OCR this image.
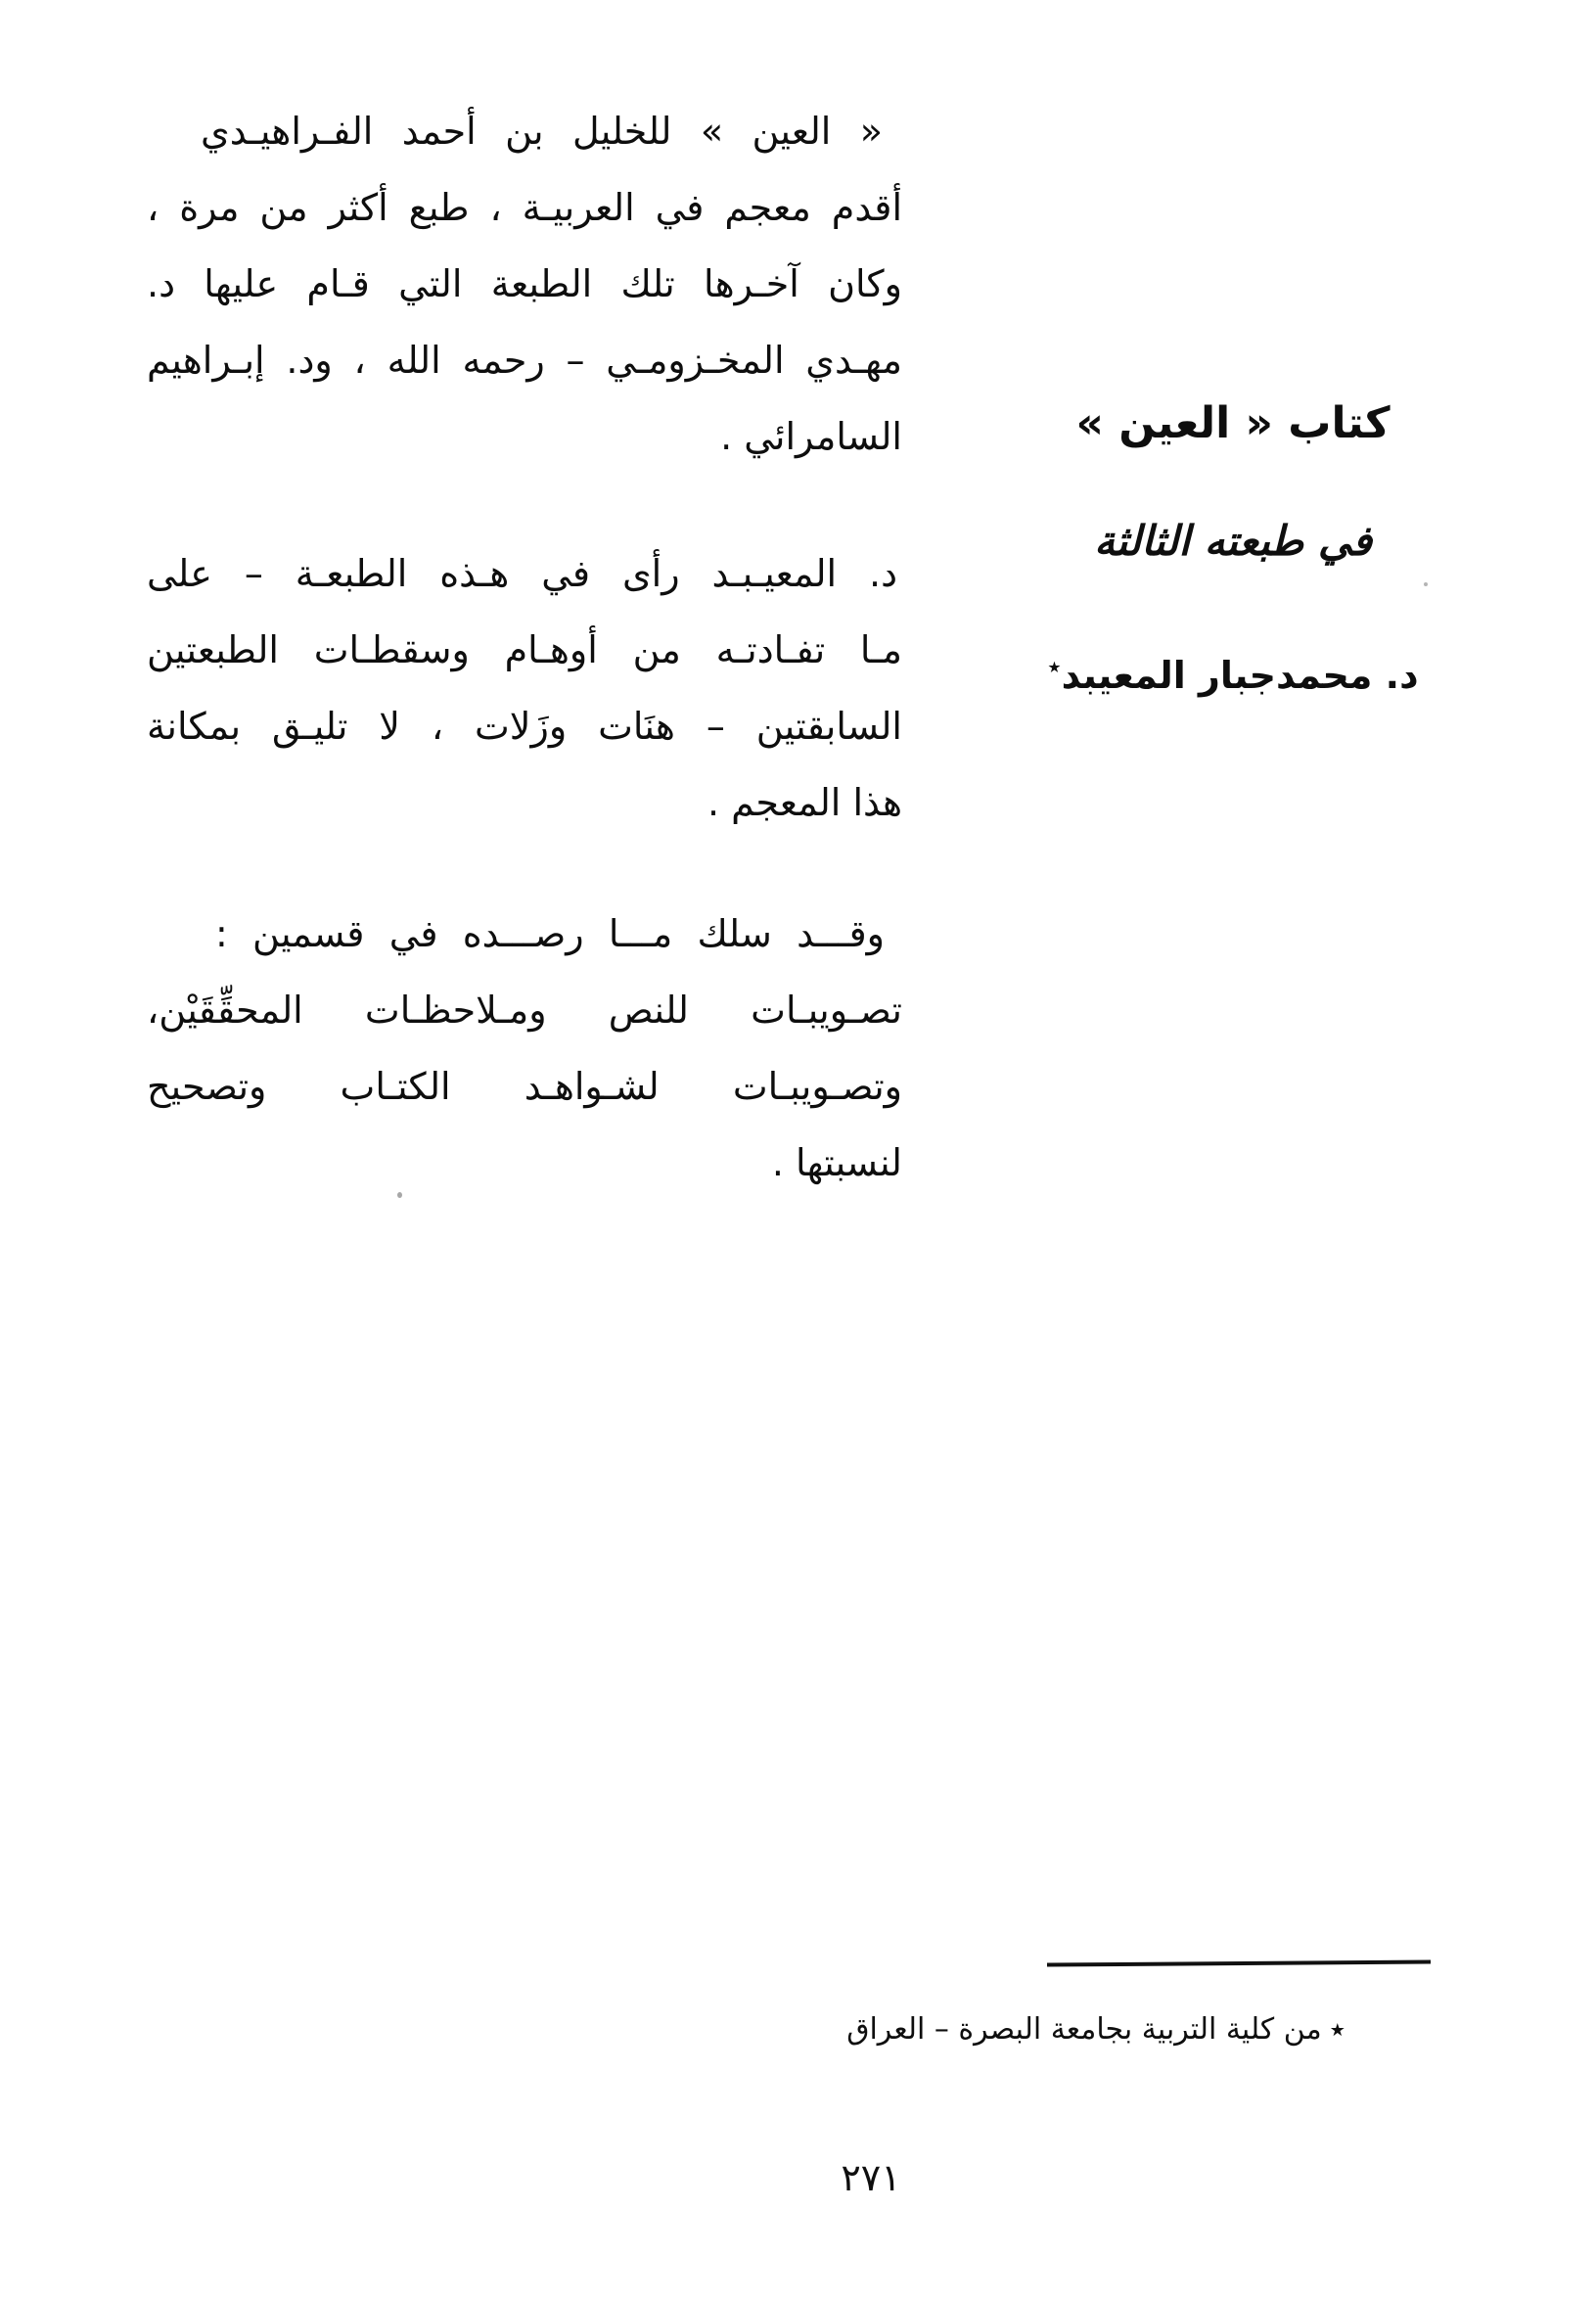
« العين » للخليل بن أحمد الفـراهيـدي
أقدم معجم في العربيـة ، طبع أكثر من مرة ،
وكان آخـرها تلك الطبعة التي قـام عليها د.
مهـدي المخـزومـي – رحمه الله ، ود. إبـراهيم
السامرائي .
د. المعيـبـد رأى في هـذه الطبعـة – على
مـا تفـادتـه من أوهـام وسقطـات الطبعتين
السابقتين – هنَات وزَلات ، لا تليـق بمكانة
هذا المعجم .
وقـــد سلك مـــا رصـــده في قسمين :
تصـويبـات للنص ومـلاحظـات المحقِّقَيْن،
وتصـويبـات لشـواهـد الكتـاب وتصحيح
لنسبتها .
كتاب « العين »
في طبعته الثالثة
د. محمدجبار المعيبد٭
٭من كلية التربية بجامعة البصرة – العراق
٢٧١
